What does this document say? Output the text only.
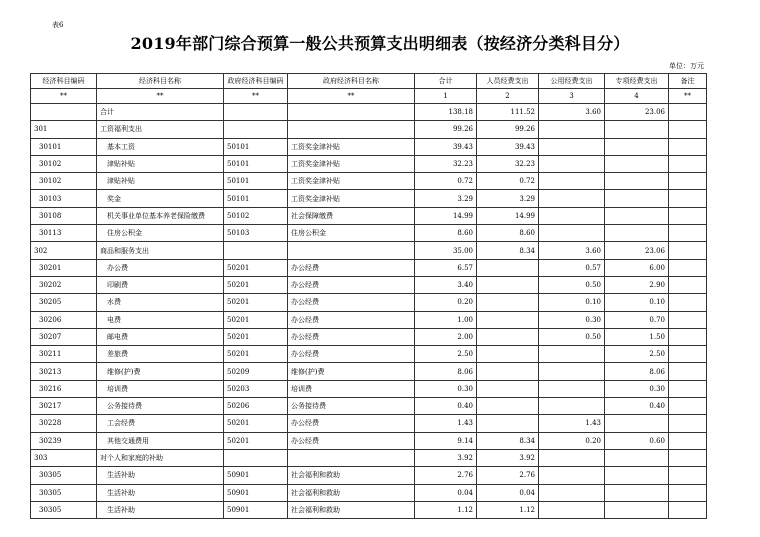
表6
2019年部门综合预算一般公共预算支出明细表（按经济分类科目分）
单位：万元
经济科目编码	经济科目名称	政府经济科目编码	政府经济科目名称	合计	人员经费支出	公用经费支出	专项经费支出	备注
**	**	**	**	1	2	3	4	**
	合计			138.18	111.52	3.60	23.06	
301	工资福利支出			99.26	99.26			
30101	基本工资	50101	工资奖金津补贴	39.43	39.43			
30102	津贴补贴	50101	工资奖金津补贴	32.23	32.23			
30102	津贴补贴	50101	工资奖金津补贴	0.72	0.72			
30103	奖金	50101	工资奖金津补贴	3.29	3.29			
30108	机关事业单位基本养老保险缴费	50102	社会保障缴费	14.99	14.99			
30113	住房公积金	50103	住房公积金	8.60	8.60			
302	商品和服务支出			35.00	8.34	3.60	23.06	
30201	办公费	50201	办公经费	6.57		0.57	6.00	
30202	印刷费	50201	办公经费	3.40		0.50	2.90	
30205	水费	50201	办公经费	0.20		0.10	0.10	
30206	电费	50201	办公经费	1.00		0.30	0.70	
30207	邮电费	50201	办公经费	2.00		0.50	1.50	
30211	差旅费	50201	办公经费	2.50			2.50	
30213	维修(护)费	50209	维修(护)费	8.06			8.06	
30216	培训费	50203	培训费	0.30			0.30	
30217	公务接待费	50206	公务接待费	0.40			0.40	
30228	工会经费	50201	办公经费	1.43		1.43		
30239	其他交通费用	50201	办公经费	9.14	8.34	0.20	0.60	
303	对个人和家庭的补助			3.92	3.92			
30305	生活补助	50901	社会福利和救助	2.76	2.76			
30305	生活补助	50901	社会福利和救助	0.04	0.04			
30305	生活补助	50901	社会福利和救助	1.12	1.12			
